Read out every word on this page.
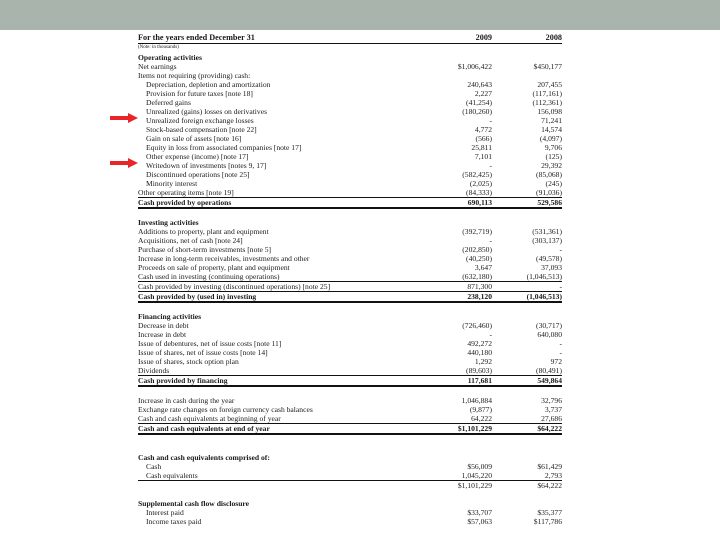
For the years ended December 31	2009	2008
(Note: in thousands)
Operating activities
Net earnings	$1,006,422	$450,177
Items not requiring (providing) cash:
Depreciation, depletion and amortization	240,643	207,455
Provision for future taxes [note 18]	2,227	(117,161)
Deferred gains	(41,254)	(112,361)
Unrealized (gains) losses on derivatives	(180,260)	156,098
Unrealized foreign exchange losses	-	71,241
Stock-based compensation [note 22]	4,772	14,574
Gain on sale of assets [note 16]	(566)	(4,097)
Equity in loss from associated companies [note 17]	25,811	9,706
Other expense (income) [note 17]	7,101	(125)
Writedown of investments [notes 9, 17]	-	29,392
Discontinued operations [note 25]	(582,425)	(85,068)
Minority interest	(2,025)	(245)
Other operating items [note 19]	(84,333)	(91,036)
Cash provided by operations	690,113	529,586
Investing activities
Additions to property, plant and equipment	(392,719)	(531,361)
Acquisitions, net of cash [note 24]	-	(303,137)
Purchase of short-term investments [note 5]	(202,850)	-
Increase in long-term receivables, investments and other	(40,250)	(49,578)
Proceeds on sale of property, plant and equipment	3,647	37,093
Cash used in investing (continuing operations)	(632,180)	(1,046,513)
Cash provided by investing (discontinued operations) [note 25]	871,300	-
Cash provided by (used in) investing	238,120	(1,046,513)
Financing activities
Decrease in debt	(726,460)	(30,717)
Increase in debt	-	640,080
Issue of debentures, net of issue costs [note 11]	492,272	-
Issue of shares, net of issue costs [note 14]	440,180	-
Issue of shares, stock option plan	1,292	972
Dividends	(89,603)	(80,491)
Cash provided by financing	117,681	549,864
Increase in cash during the year	1,046,884	32,796
Exchange rate changes on foreign currency cash balances	(9,877)	3,737
Cash and cash equivalents at beginning of year	64,222	27,686
Cash and cash equivalents at end of year	$1,101,229	$64,222
Cash and cash equivalents comprised of:
Cash	$56,009	$61,429
Cash equivalents	1,045,220	2,793
$1,101,229	$64,222
Supplemental cash flow disclosure
Interest paid	$33,707	$35,377
Income taxes paid	$57,063	$117,786
